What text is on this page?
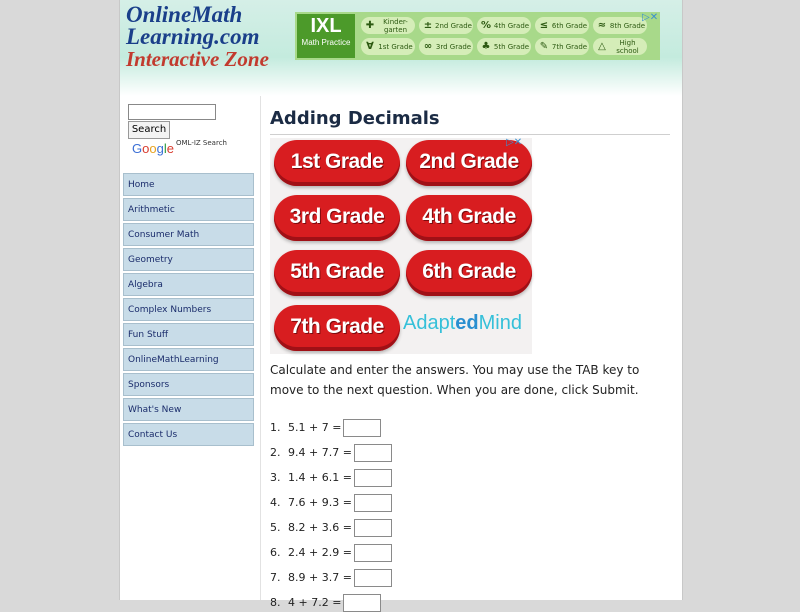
OnlineMath
Learning.com
Interactive Zone
IXL
Math Practice
✚	Kinder-garten	± 2nd Grade % 4th Grade ≤ 6th Grade ≈ 8th Grade
∀ 1st Grade ∞ 3rd Grade ♣ 5th Grade ✎ 7th Grade △	High school
▷✕
Search
Google OML-IZ Search
Home
Arithmetic
Consumer Math
Geometry
Algebra
Complex Numbers
Fun Stuff
OnlineMathLearning
Sponsors
What's New
Contact Us
Adding Decimals
AdaptedMind
1st Grade	2nd Grade
3rd Grade	4th Grade
5th Grade	6th Grade
7th Grade
▷✕
Calculate and enter the answers. You may use the TAB key to move to the next question. When you are done, click Submit.
1. 5.1 + 7 =
2. 9.4 + 7.7 =
3. 1.4 + 6.1 =
4. 7.6 + 9.3 =
5. 8.2 + 3.6 =
6. 2.4 + 2.9 =
7. 8.9 + 3.7 =
8. 4 + 7.2 =
